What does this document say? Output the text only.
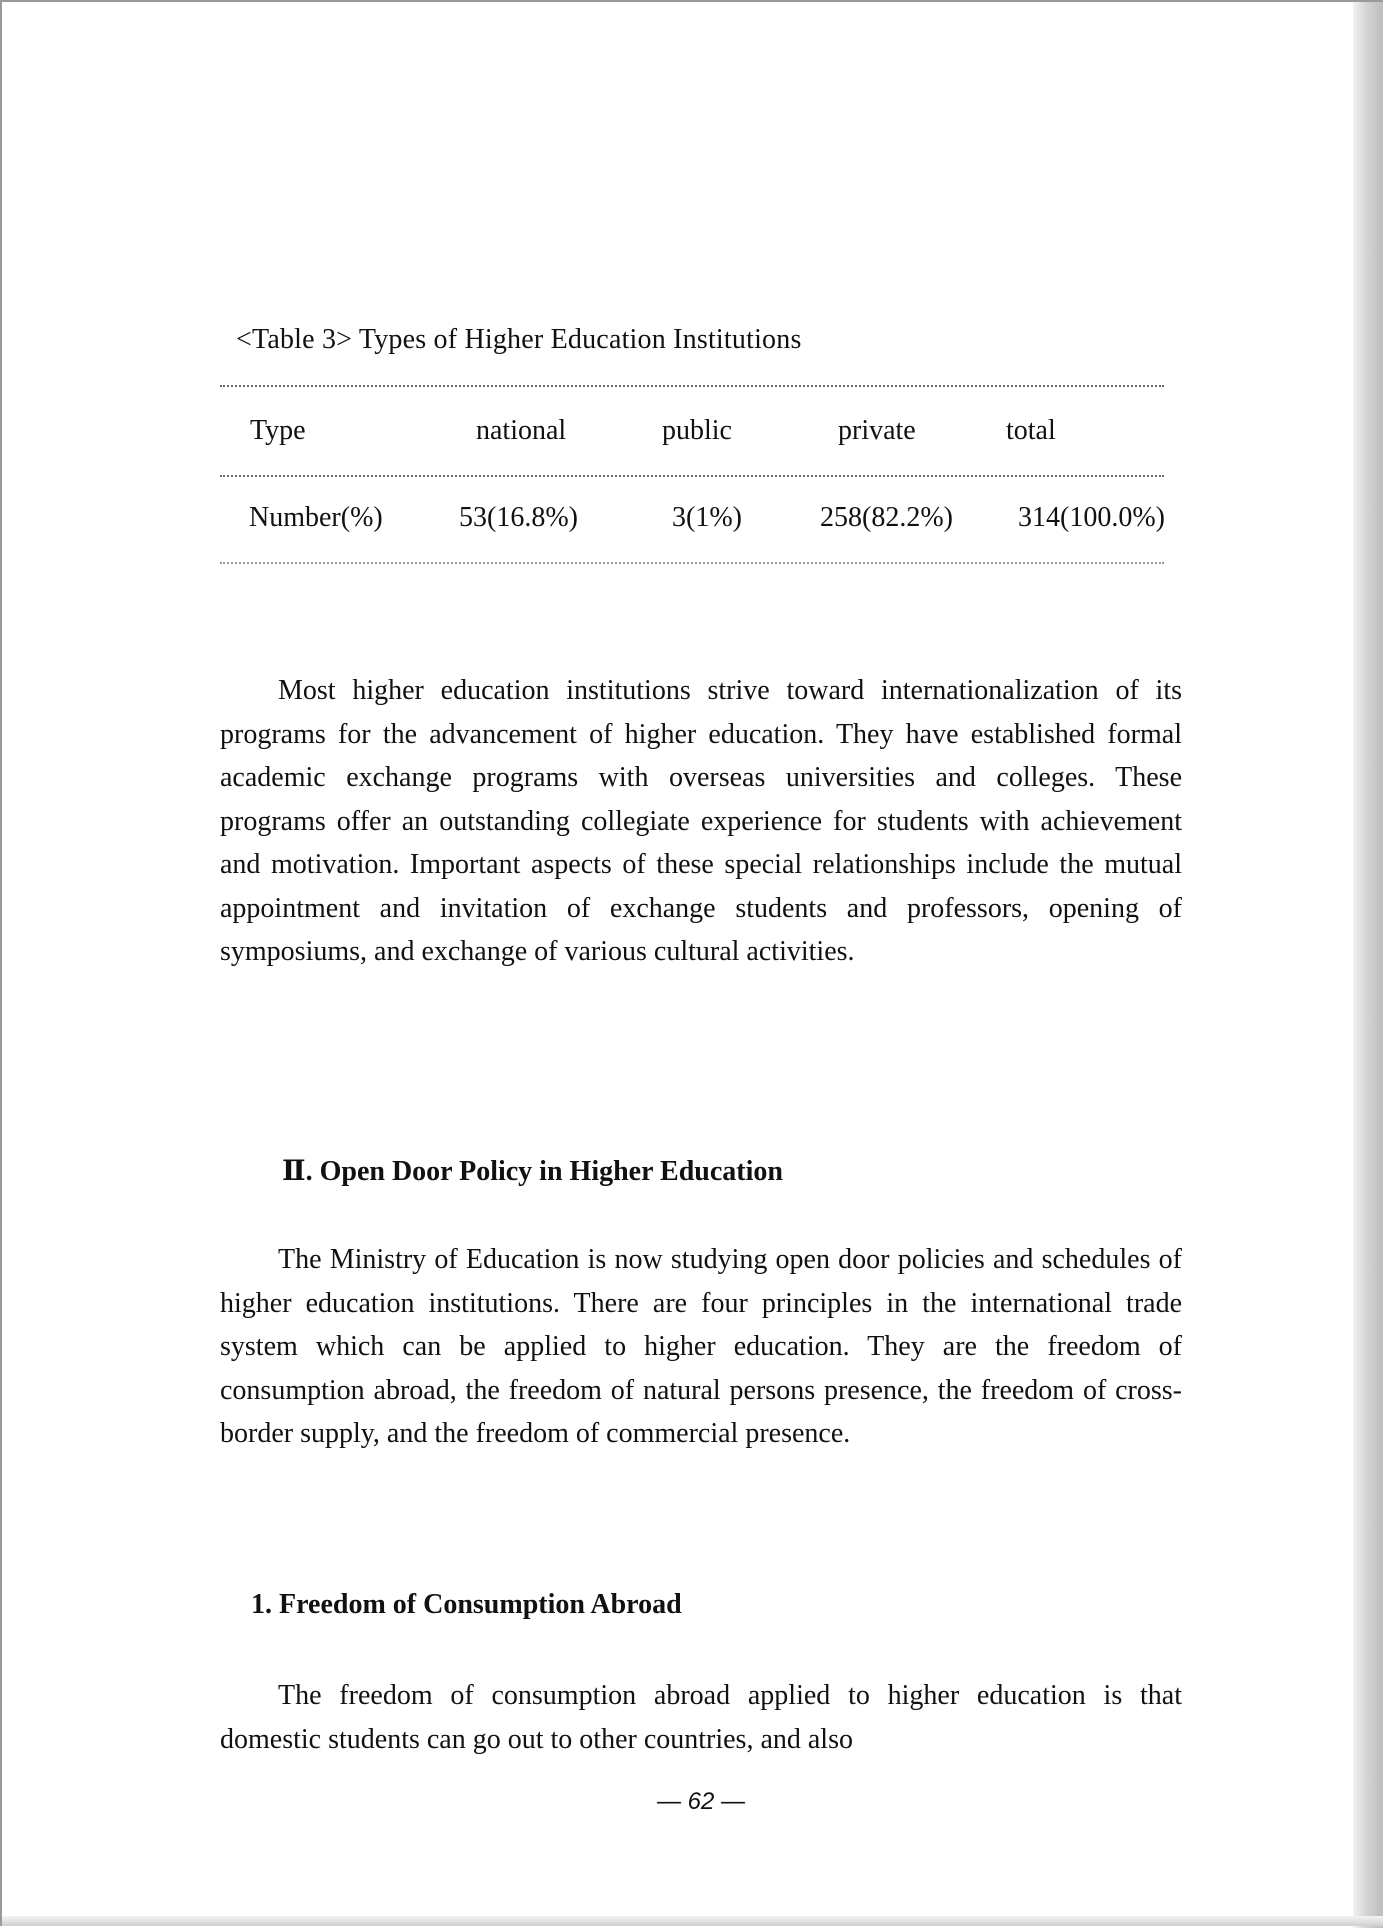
<Table 3> Types of Higher Education Institutions
Type	national	public	private	total
Number(%)	53(16.8%)	3(1%)	258(82.2%) 314(100.0%)

Most higher education institutions strive toward internationalization of its programs for the advancement of higher education. They have established formal academic exchange programs with overseas universities and colleges. These programs offer an outstanding collegiate experience for students with achievement and motivation. Important aspects of these special relationships include the mutual appointment and invitation of exchange students and professors, opening of symposiums, and exchange of various cultural activities.

Ⅱ. Open Door Policy in Higher Education

The Ministry of Education is now studying open door policies and schedules of higher education institutions. There are four principles in the international trade system which can be applied to higher education. They are the freedom of consumption abroad, the freedom of natural persons presence, the freedom of cross-border supply, and the freedom of commercial presence.

1. Freedom of Consumption Abroad

The freedom of consumption abroad applied to higher education is that domestic students can go out to other countries, and also

— 62 —
